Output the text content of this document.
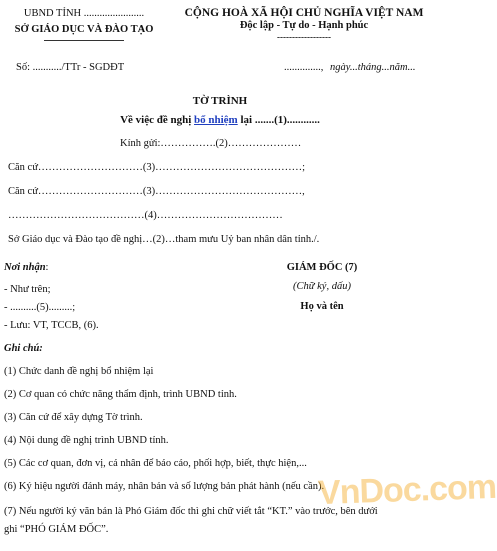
UBND TỈNH .......................
SỞ GIÁO DỤC VÀ ĐÀO TẠO
CỘNG HOÀ XÃ HỘI CHỦ NGHĨA VIỆT NAM
Độc lập - Tự do - Hạnh phúc
------------------
Số: .........../TTr - SGDĐT	.............., ngày...tháng...năm...
TỜ TRÌNH
Về việc đề nghị bổ nhiệm lại .......(1)............
Kính gửi:…………….(2)…………………
Căn cứ…………………………(3)……………………………………;
Căn cứ…………………………(3)……………………………………,
…………………………………(4)………………………………
Sở Giáo dục và Đào tạo đề nghị…(2)…tham mưu Uỷ ban nhân dân tỉnh./.
Nơi nhận:
- Như trên;
- ..........(5).........;
- Lưu: VT, TCCB, (6).
GIÁM ĐỐC (7)
(Chữ ký, dấu)
Họ và tên
Ghi chú:
(1) Chức danh đề nghị bổ nhiệm lại
(2) Cơ quan có chức năng thẩm định, trình UBND tỉnh.
(3) Căn cứ để xây dựng Tờ trình.
(4) Nội dung đề nghị trình UBND tỉnh.
(5) Các cơ quan, đơn vị, cá nhân để báo cáo, phối hợp, biết, thực hiện,...
(6) Ký hiệu người đánh máy, nhân bản và số lượng bản phát hành (nếu cần).
(7) Nếu người ký văn bản là Phó Giám đốc thì ghi chữ viết tắt “KT.” vào trước, bên dưới
ghi “PHÓ GIÁM ĐỐC”.
VnDoc.com
